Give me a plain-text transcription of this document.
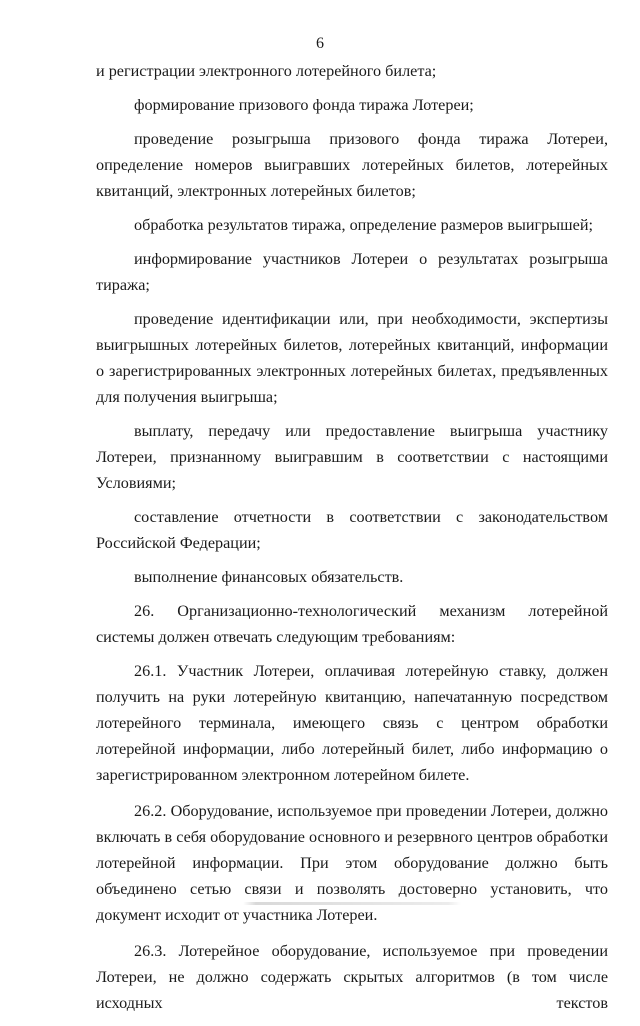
6

и регистрации электронного лотерейного билета;

формирование призового фонда тиража Лотереи;

проведение розыгрыша призового фонда тиража Лотереи, определение номеров выигравших лотерейных билетов, лотерейных квитанций, электронных лотерейных билетов;

обработка результатов тиража, определение размеров выигрышей;

информирование участников Лотереи о результатах розыгрыша тиража;

проведение идентификации или, при необходимости, экспертизы выигрышных лотерейных билетов, лотерейных квитанций, информации о зарегистрированных электронных лотерейных билетах, предъявленных для получения выигрыша;

выплату, передачу или предоставление выигрыша участнику Лотереи, признанному выигравшим в соответствии с настоящими Условиями;

составление отчетности в соответствии с законодательством Российской Федерации;

выполнение финансовых обязательств.

26. Организационно-технологический механизм лотерейной системы должен отвечать следующим требованиям:

26.1. Участник Лотереи, оплачивая лотерейную ставку, должен получить на руки лотерейную квитанцию, напечатанную посредством лотерейного терминала, имеющего связь с центром обработки лотерейной информации, либо лотерейный билет, либо информацию о зарегистрированном электронном лотерейном билете.

26.2. Оборудование, используемое при проведении Лотереи, должно включать в себя оборудование основного и резервного центров обработки лотерейной информации. При этом оборудование должно быть объединено сетью связи и позволять достоверно установить, что документ исходит от участника Лотереи.

26.3. Лотерейное оборудование, используемое при проведении Лотереи, не должно содержать скрытых алгоритмов (в том числе исходных текстов
